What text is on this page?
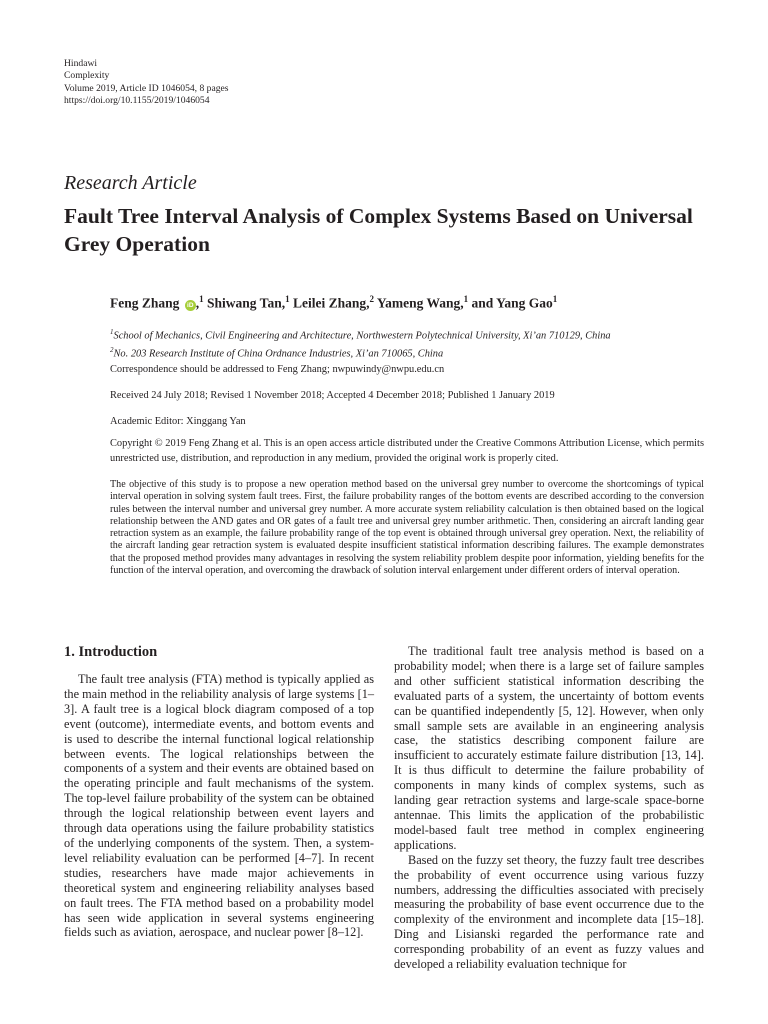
Hindawi
Complexity
Volume 2019, Article ID 1046054, 8 pages
https://doi.org/10.1155/2019/1046054
Research Article
Fault Tree Interval Analysis of Complex Systems Based on Universal Grey Operation
Feng Zhang iD ,$^1$ Shiwang Tan,$^1$ Leilei Zhang,$^2$ Yameng Wang,$^1$ and Yang Gao$^1$
$^1$School of Mechanics, Civil Engineering and Architecture, Northwestern Polytechnical University, Xi’an 710129, China
$^2$No. 203 Research Institute of China Ordnance Industries, Xi’an 710065, China
Correspondence should be addressed to Feng Zhang; nwpuwindy@nwpu.edu.cn
Received 24 July 2018; Revised 1 November 2018; Accepted 4 December 2018; Published 1 January 2019
Academic Editor: Xinggang Yan
Copyright © 2019 Feng Zhang et al. This is an open access article distributed under the Creative Commons Attribution License, which permits unrestricted use, distribution, and reproduction in any medium, provided the original work is properly cited.
The objective of this study is to propose a new operation method based on the universal grey number to overcome the shortcomings of typical interval operation in solving system fault trees. First, the failure probability ranges of the bottom events are described according to the conversion rules between the interval number and universal grey number. A more accurate system reliability calculation is then obtained based on the logical relationship between the AND gates and OR gates of a fault tree and universal grey number arithmetic. Then, considering an aircraft landing gear retraction system as an example, the failure probability range of the top event is obtained through universal grey operation. Next, the reliability of the aircraft landing gear retraction system is evaluated despite insufficient statistical information describing failures. The example demonstrates that the proposed method provides many advantages in resolving the system reliability problem despite poor information, yielding benefits for the function of the interval operation, and overcoming the drawback of solution interval enlargement under different orders of interval operation.
1. Introduction

The fault tree analysis (FTA) method is typically applied as the main method in the reliability analysis of large systems [1–3]. A fault tree is a logical block diagram composed of a top event (outcome), intermediate events, and bottom events and is used to describe the internal functional logical relationship between events. The logical relationships between the components of a system and their events are obtained based on the operating principle and fault mechanisms of the system. The top-level failure probability of the system can be obtained through the logical relationship between event layers and through data operations using the failure probability statistics of the underlying components of the system. Then, a system-level reliability evaluation can be performed [4–7]. In recent studies, researchers have made major achievements in theoretical system and engineering reliability analyses based on fault trees. The FTA method based on a probability model has seen wide application in several systems engineering fields such as aviation, aerospace, and nuclear power [8–12].

The traditional fault tree analysis method is based on a probability model; when there is a large set of failure samples and other sufficient statistical information describing the evaluated parts of a system, the uncertainty of bottom events can be quantified independently [5, 12]. However, when only small sample sets are available in an engineering analysis case, the statistics describing component failure are insufficient to accurately estimate failure distribution [13, 14]. It is thus difficult to determine the failure probability of components in many kinds of complex systems, such as landing gear retraction systems and large-scale space-borne antennae. This limits the application of the probabilistic model-based fault tree method in complex engineering applications.

Based on the fuzzy set theory, the fuzzy fault tree describes the probability of event occurrence using various fuzzy numbers, addressing the difficulties associated with precisely measuring the probability of base event occurrence due to the complexity of the environment and incomplete data [15–18]. Ding and Lisianski regarded the performance rate and corresponding probability of an event as fuzzy values and developed a reliability evaluation technique for
